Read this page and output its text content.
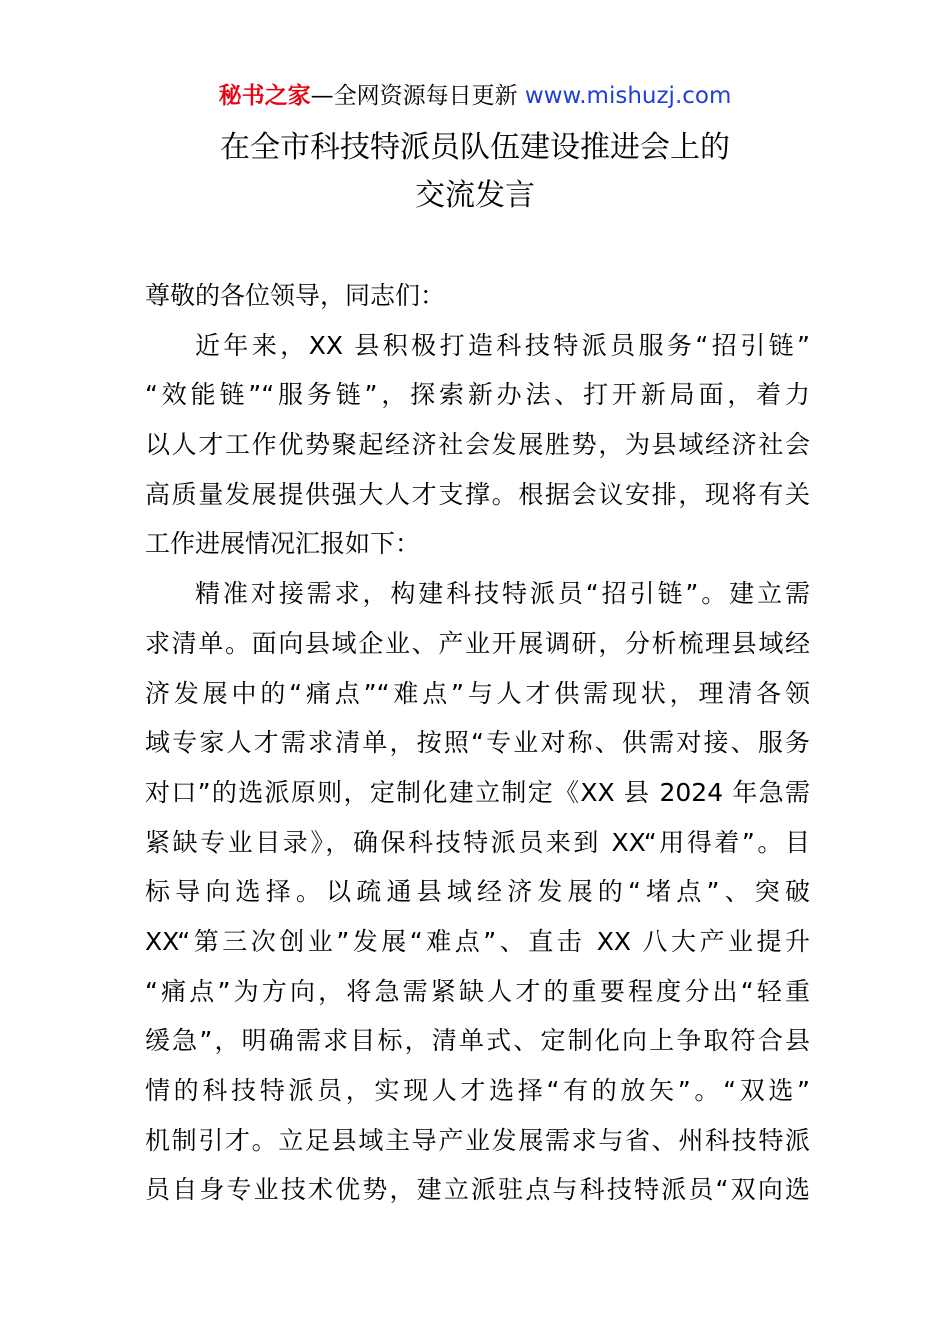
秘书之家—全网资源每日更新 www.mishuzj.com
在全市科技特派员队伍建设推进会上的
交流发言
尊敬的各位领导，同志们：
近年来，XX 县积极打造科技特派员服务“招引链”
“效能链”“服务链”，探索新办法、打开新局面，着力
以人才工作优势聚起经济社会发展胜势，为县域经济社会
高质量发展提供强大人才支撑。根据会议安排，现将有关
工作进展情况汇报如下：
精准对接需求，构建科技特派员“招引链”。建立需
求清单。面向县域企业、产业开展调研，分析梳理县域经
济发展中的“痛点”“难点”与人才供需现状，理清各领
域专家人才需求清单，按照“专业对称、供需对接、服务
对口”的选派原则，定制化建立制定《XX 县 2024 年急需
紧缺专业目录》，确保科技特派员来到 XX“用得着”。目
标导向选择。以疏通县域经济发展的“堵点”、突破
XX“第三次创业”发展“难点”、直击 XX 八大产业提升
“痛点”为方向，将急需紧缺人才的重要程度分出“轻重
缓急”，明确需求目标，清单式、定制化向上争取符合县
情的科技特派员，实现人才选择“有的放矢”。“双选”
机制引才。立足县域主导产业发展需求与省、州科技特派
员自身专业技术优势，建立派驻点与科技特派员“双向选
